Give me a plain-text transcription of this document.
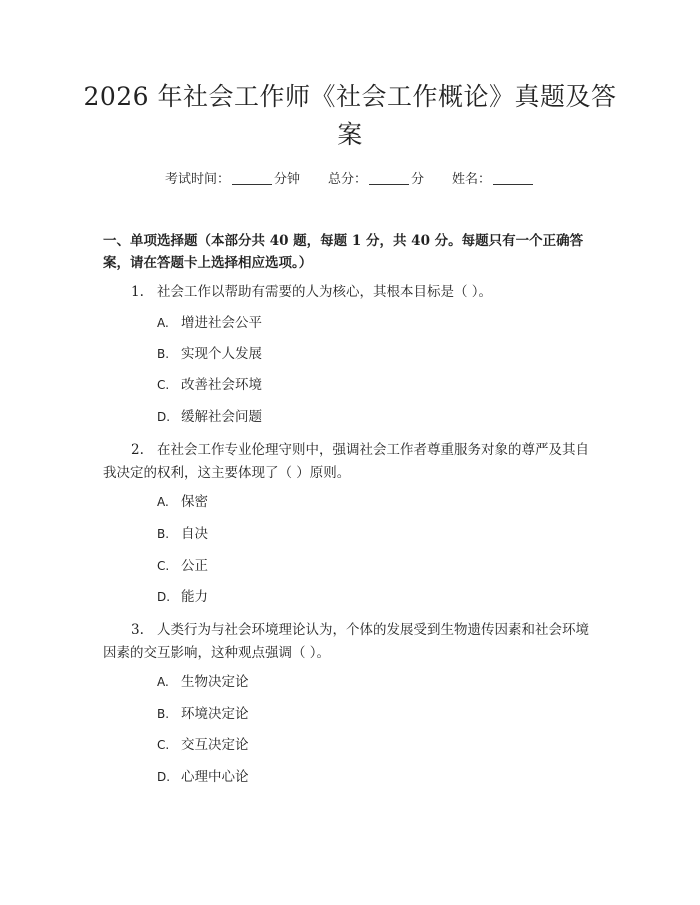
2026 年社会工作师《社会工作概论》真题及答案
考试时间：	分钟 总分：	分 姓名：
一、单项选择题（本部分共 40 题，每题 1 分，共 40 分。每题只有一个正确答案，请在答题卡上选择相应选项。）
1. 社会工作以帮助有需要的人为核心，其根本目标是（ ）。
A. 增进社会公平
B. 实现个人发展
C. 改善社会环境
D. 缓解社会问题
2. 在社会工作专业伦理守则中，强调社会工作者尊重服务对象的尊严及其自我决定的权利，这主要体现了（ ）原则。
A. 保密
B. 自决
C. 公正
D. 能力
3. 人类行为与社会环境理论认为，个体的发展受到生物遗传因素和社会环境因素的交互影响，这种观点强调（ ）。
A. 生物决定论
B. 环境决定论
C. 交互决定论
D. 心理中心论
